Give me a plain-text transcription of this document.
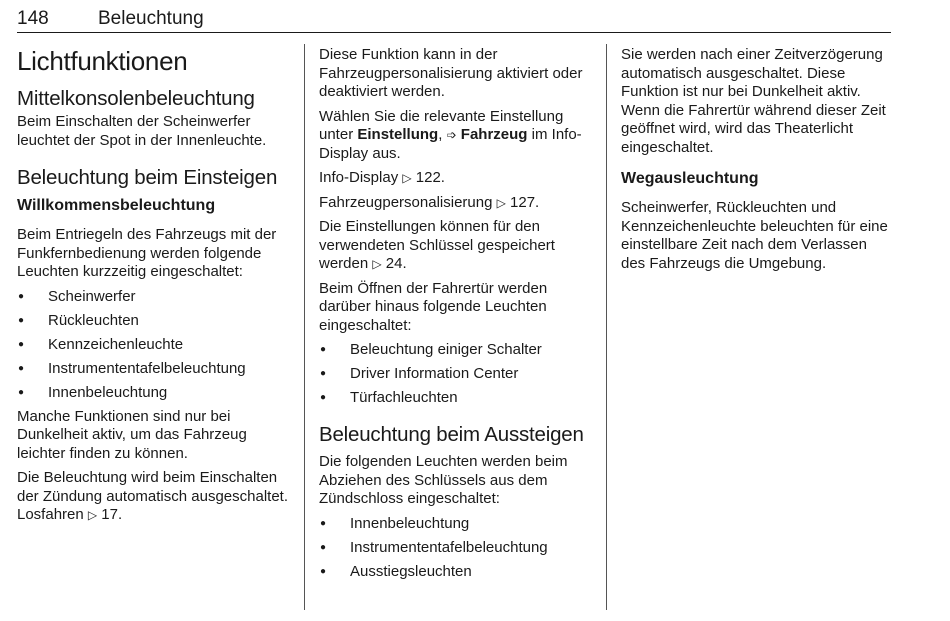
148	Beleuchtung
Lichtfunktionen
Mittelkonsolenbeleuchtung

Beim Einschalten der Scheinwerfer leuchtet der Spot in der Innenleuchte.

Beleuchtung beim Einsteigen
Willkommensbeleuchtung

Beim Entriegeln des Fahrzeugs mit der Funkfernbedienung werden folgende Leuchten kurzzeitig eingeschaltet:

● Scheinwerfer
● Rückleuchten
● Kennzeichenleuchte
● Instrumententafelbeleuchtung
● Innenbeleuchtung

Manche Funktionen sind nur bei Dunkelheit aktiv, um das Fahrzeug leichter finden zu können.

Die Beleuchtung wird beim Einschalten der Zündung automatisch ausgeschaltet. Losfahren ▷ 17.

Diese Funktion kann in der Fahrzeugpersonalisierung aktiviert oder deaktiviert werden.

Wählen Sie die relevante Einstellung unter Einstellung, ➩ Fahrzeug im Info-Display aus.

Info-Display ▷ 122.

Fahrzeugpersonalisierung ▷ 127.

Die Einstellungen können für den verwendeten Schlüssel gespeichert werden ▷ 24.

Beim Öffnen der Fahrertür werden darüber hinaus folgende Leuchten eingeschaltet:

● Beleuchtung einiger Schalter
● Driver Information Center
● Türfachleuchten
Beleuchtung beim Aussteigen

Die folgenden Leuchten werden beim Abziehen des Schlüssels aus dem Zündschloss eingeschaltet:

● Innenbeleuchtung
● Instrumententafelbeleuchtung
● Ausstiegsleuchten

Sie werden nach einer Zeitverzögerung automatisch ausgeschaltet. Diese Funktion ist nur bei Dunkelheit aktiv. Wenn die Fahrertür während dieser Zeit geöffnet wird, wird das Theaterlicht eingeschaltet.

Wegausleuchtung

Scheinwerfer, Rückleuchten und Kennzeichenleuchte beleuchten für eine einstellbare Zeit nach dem Verlassen des Fahrzeugs die Umgebung.
